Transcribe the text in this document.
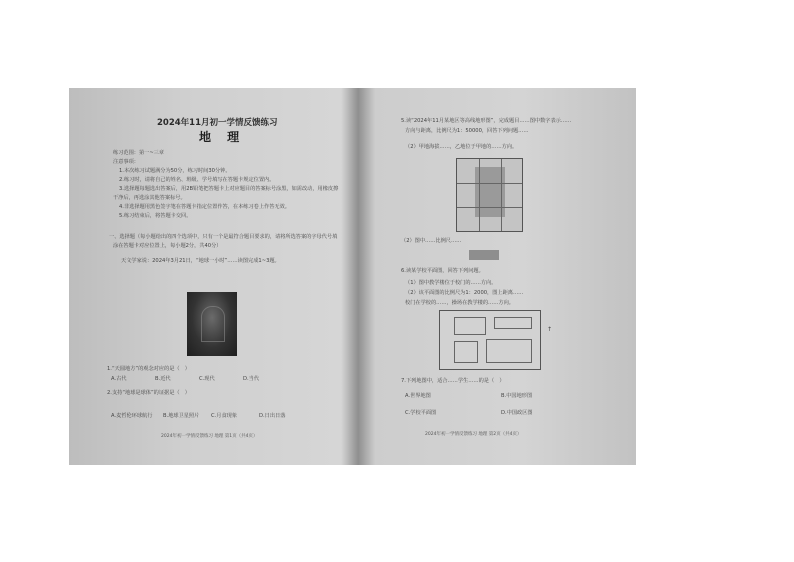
2024年11月初一学情反馈练习
地 理
练习范围：第一~三章
注意事项：
1.本次练习试题满分为50分，练习时间30分钟。
2.练习时，请将自己的姓名、班级、学号填写在答题卡规定位置内。
3.选择题每题选出答案后，用2B铅笔把答题卡上对应题目的答案标号涂黑，如需改动，用橡皮擦
干净后，再选涂其他答案标号。
4.非选择题用黑色签字笔在答题卡指定位置作答，在本练习卷上作答无效。
5.练习结束后，将答题卡交回。
一、选择题（每小题给出的四个选项中，只有一个是最符合题目要求的，请将所选答案的字母代号填
涂在答题卡对应位置上，每小题2分，共40分）
天文学家说：2024年3月21日，“地球一小时”……读图完成1~3题。
1.“天圆地方”的观念对应的是（　）
A.古代	B.近代	C.现代	D.当代
2.支持“地球是球体”的证据是（　）
A.麦哲伦环球航行 B.地球卫星照片 C.月食现象	D.日出日落
2024年初一学情反馈练习 地理 第1页（共4页）
5.读“2024年11月某地区等高线地形图”，完成题目……图中数字表示……
方向与距离，比例尺为1：50000，回答下列问题……
（2）甲地海拔……，乙地位于甲地的……方向。
（2）图中……比例尺……
6.读某学校平面图，回答下列问题。
（1）图中教学楼位于校门的……方向。
（2）该平面图的比例尺为1：2000，图上距离……
校门在学校的……，操场在教学楼的……方向。
↑
7.下列地图中，适合……学生……的是（　）
A.世界地图	B.中国地形图
C.学校平面图	D.中国政区图
2024年初一学情反馈练习 地理 第2页（共4页）
